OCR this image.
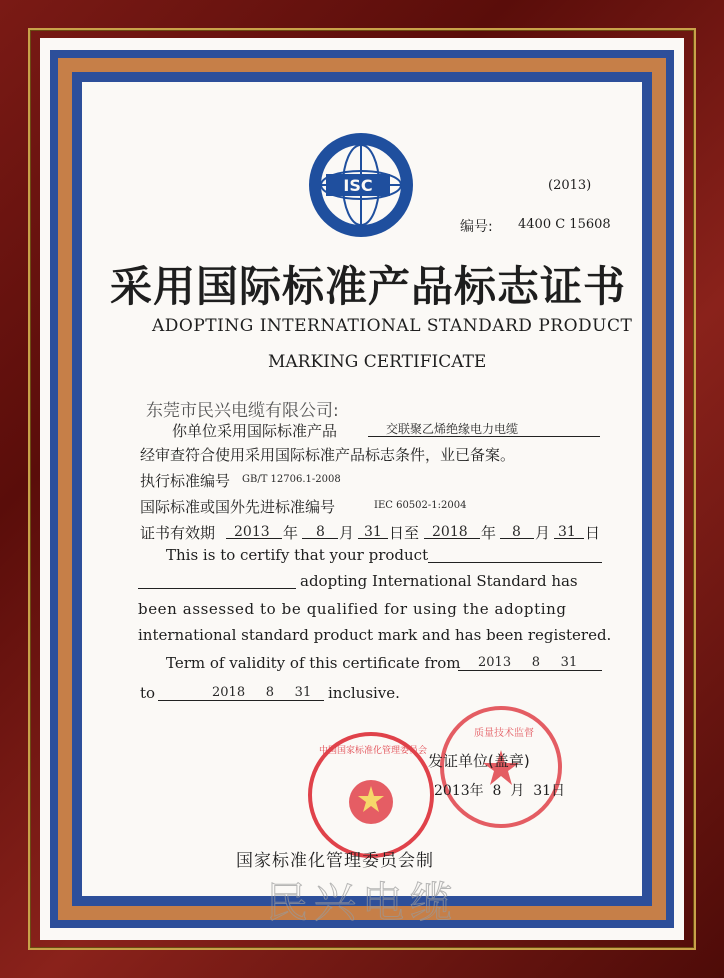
ISC	(2013)
编号: 4400 C 15608
采用国际标准产品标志证书
ADOPTING INTERNATIONAL STANDARD PRODUCT
MARKING CERTIFICATE
东莞市民兴电缆有限公司:
你单位采用国际标准产品	交联聚乙烯绝缘电力电缆
经审查符合使用采用国际标准产品标志条件，业已备案。
执行标准编号 GB/T 12706.1-2008
国际标准或国外先进标准编号	IEC 60502-1:2004
证书有效期 2013 年 8 月 31 日至 2018 年 8 月 31 日
This is to certify that your product
adopting International Standard has
been assessed to be qualified for using the adopting
international standard product mark and has been registered.
Term of validity of this certificate from 2013     8     31
to	2018     8     31 inclusive.
中国国家标准化管理委员会
质量技术监督
发证单位(盖章)
2013年  8  月  31日
国家标准化管理委员会制
民兴电缆
